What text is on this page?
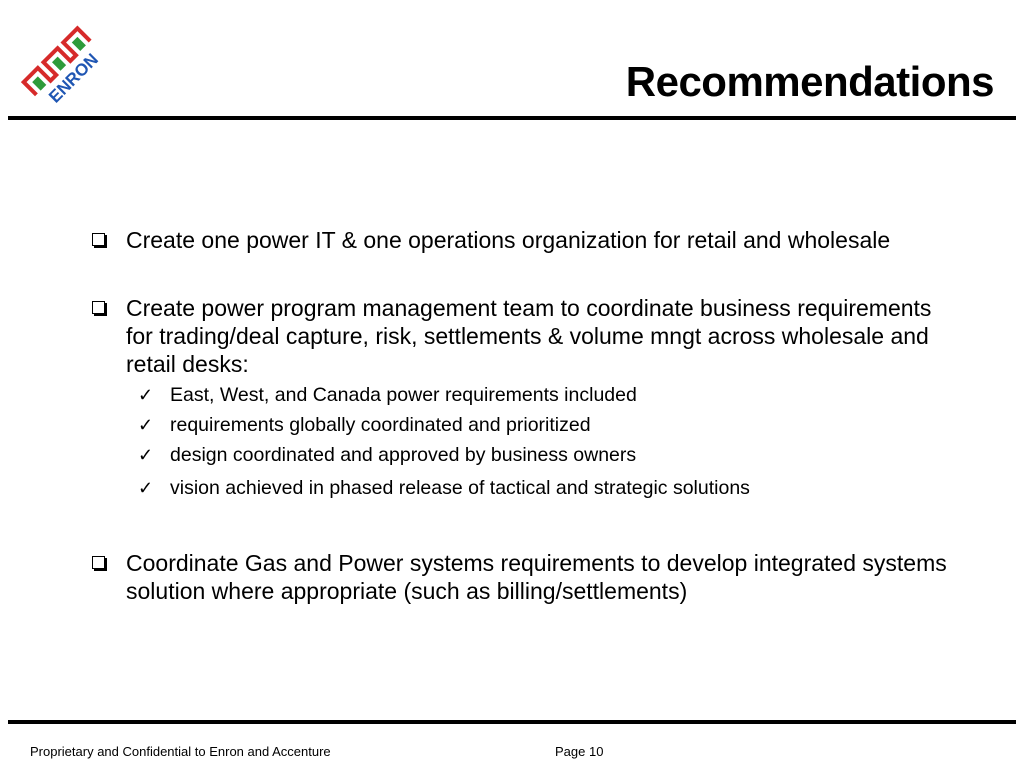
ENRON	Recommendations
Create one power IT & one operations organization for retail and wholesale
Create power program management team to coordinate business requirements for trading/deal capture, risk, settlements & volume mngt across wholesale and retail desks:
✓ East, West, and Canada power requirements included
✓ requirements globally coordinated and prioritized
✓ design coordinated and approved by business owners
✓ vision achieved in phased release of tactical and strategic solutions
Coordinate Gas and Power systems requirements to develop integrated systems solution where appropriate (such as billing/settlements)
Proprietary and Confidential to Enron and Accenture	Page 10
